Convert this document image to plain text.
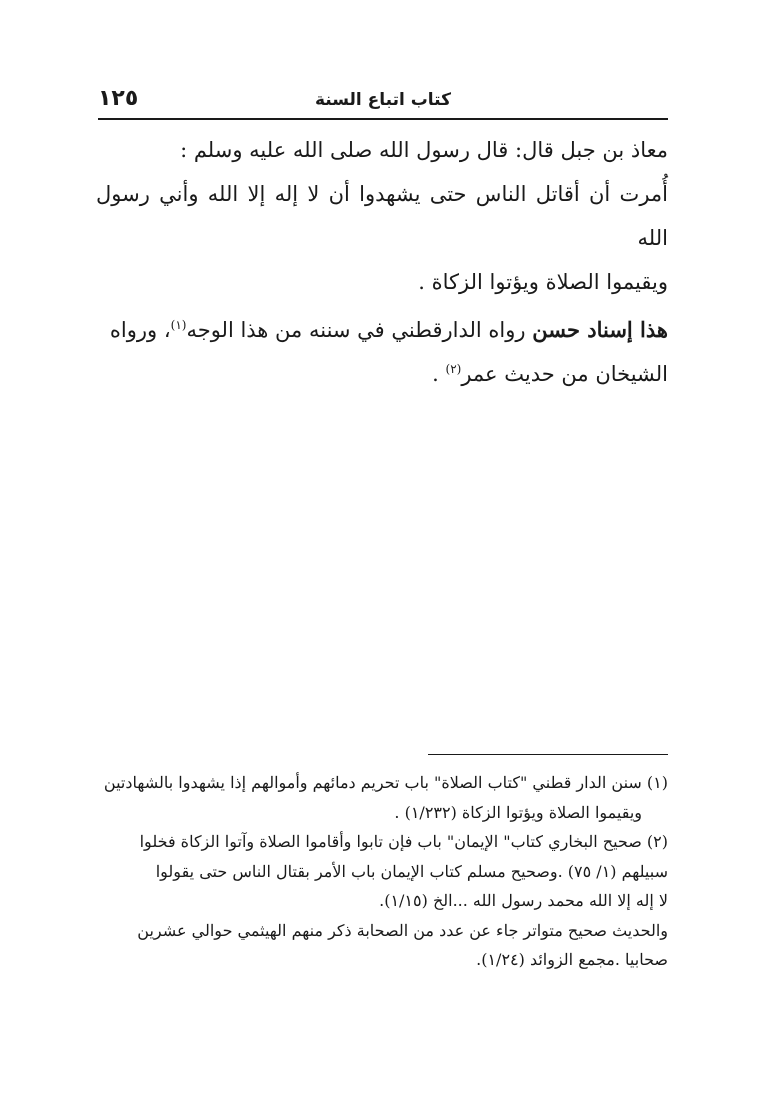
كتاب اتباع السنة
١٢٥

معاذ بن جبل قال: قال رسول الله صلى الله عليه وسلم :

أُمرت أن أقاتل الناس حتى يشهدوا أن لا إله إلا الله وأني رسول الله

ويقيموا الصلاة ويؤتوا الزكاة .

هذا إسناد حسن رواه الدارقطني في سننه من هذا الوجه$^{(١)}$، ورواه

الشيخان من حديث عمر$^{(٢)}$ .

(١) سنن الدار قطني "كتاب الصلاة" باب تحريم دمائهم وأموالهم إذا يشهدوا بالشهادتين

ويقيموا الصلاة ويؤتوا الزكاة (١/٢٣٢) .

(٢) صحيح البخاري كتاب" الإيمان" باب فإن تابوا وأقاموا الصلاة وآتوا الزكاة فخلوا

سبيلهم (١/ ٧٥) .وصحيح مسلم كتاب الإيمان باب الأمر بقتال الناس حتى يقولوا

لا إله إلا الله محمد رسول الله ...الخ (١/١٥).

والحديث صحيح متواتر جاء عن عدد من الصحابة ذكر منهم الهيثمي حوالي عشرين

صحابيا .مجمع الزوائد (١/٢٤).
